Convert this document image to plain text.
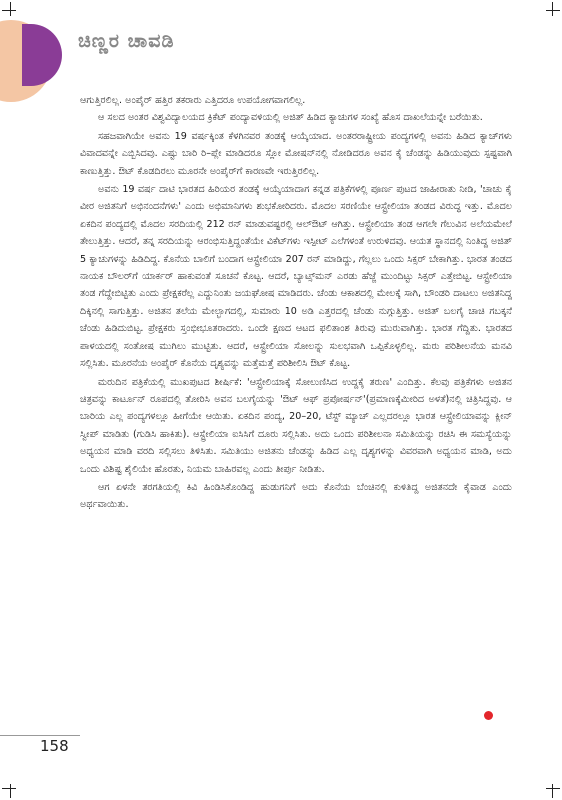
ಚಿಣ್ಣರ ಚಾವಡಿ

ಆಗುತ್ತಿರಲಿಲ್ಲ. ಅಂಪೈರ್ ಹತ್ತಿರ ತಕರಾರು ಎತ್ತಿದರೂ ಉಪಯೋಗವಾಗಲಿಲ್ಲ.

ಆ ಸಲದ ಅಂತರ ವಿಶ್ವವಿದ್ಯಾಲಯದ ಕ್ರಿಕೆಟ್ ಪಂದ್ಯಾವಳಿಯಲ್ಲಿ ಅಜಿತ್ ಹಿಡಿದ ಕ್ಯಾಚುಗಳ ಸಂಖ್ಯೆ ಹೊಸ ದಾಖಲೆಯನ್ನೇ ಬರೆಯಿತು.

ಸಹಜವಾಗಿಯೇ ಅವನು 19 ವರ್ಷಕ್ಕಿಂತ ಕೆಳಗಿನವರ ತಂಡಕ್ಕೆ ಆಯ್ಕೆಯಾದ. ಅಂತರರಾಷ್ಟ್ರೀಯ ಪಂದ್ಯಗಳಲ್ಲಿ ಅವನು ಹಿಡಿದ ಕ್ಯಾಚ್‌ಗಳು ವಿವಾದವನ್ನೇ ಎಬ್ಬಿಸಿದವು. ಎಷ್ಟು ಬಾರಿ ರಿ–ಪ್ಲೇ ಮಾಡಿದರೂ ಸ್ಲೋ ಮೋಷನ್‌ನಲ್ಲಿ ನೋಡಿದರೂ ಅವನ ಕೈ ಚೆಂಡನ್ನು ಹಿಡಿಯುವುದು ಸ್ಪಷ್ಟವಾಗಿ ಕಾಣುತ್ತಿತ್ತು. ಔಟ್ ಕೊಡದಿರಲು ಮೂರನೇ ಅಂಪೈರ್‌ಗೆ ಕಾರಣವೇ ಇರುತ್ತಿರಲಿಲ್ಲ.

ಅವನು 19 ವರ್ಷ ದಾಟಿ ಭಾರತದ ಹಿರಿಯರ ತಂಡಕ್ಕೆ ಆಯ್ಕೆಯಾದಾಗ ಕನ್ನಡ ಪತ್ರಿಕೆಗಳಲ್ಲಿ ಪೂರ್ಣ ಪುಟದ ಜಾಹೀರಾತು ನೀಡಿ, 'ಚಾಚು ಕೈ ವೀರ ಅಜಿತನಿಗೆ ಅಭಿನಂದನೆಗಳು' ಎಂದು ಅಭಿಮಾನಿಗಳು ಶುಭಕೋರಿದರು. ಮೊದಲ ಸರಣಿಯೇ ಆಸ್ಟ್ರೇಲಿಯಾ ತಂಡದ ವಿರುದ್ಧ ಇತ್ತು. ಮೊದಲ ಏಕದಿನ ಪಂದ್ಯದಲ್ಲಿ ಮೊದಲ ಸರದಿಯಲ್ಲಿ 212 ರನ್ ಮಾಡುವಷ್ಟರಲ್ಲಿ ಆಲ್‌ಔಟ್ ಆಗಿತ್ತು. ಆಸ್ಟ್ರೇಲಿಯಾ ತಂಡ ಆಗಲೇ ಗೆಲುವಿನ ಅಲೆಯಮೇಲೆ ತೇಲುತ್ತಿತ್ತು. ಆದರೆ, ತನ್ನ ಸರದಿಯನ್ನು ಆರಂಭಿಸುತ್ತಿದ್ದಂತೆಯೇ ವಿಕೆಟ್‌ಗಳು ಇಸ್ಪೀಟ್ ಎಲೆಗಳಂತೆ ಉರುಳಿದವು. ಆಯತ ಸ್ಥಾನದಲ್ಲಿ ನಿಂತಿದ್ದ ಅಜಿತ್ 5 ಕ್ಯಾಚುಗಳನ್ನು ಹಿಡಿದಿದ್ದ. ಕೊನೆಯ ಬಾಲಿಗೆ ಬಂದಾಗ ಆಸ್ಟ್ರೇಲಿಯಾ 207 ರನ್ ಮಾಡಿದ್ದು, ಗೆಲ್ಲಲು ಒಂದು ಸಿಕ್ಸರ್ ಬೇಕಾಗಿತ್ತು. ಭಾರತ ತಂಡದ ನಾಯಕ ಬೌಲರ್‌ಗೆ ಯಾರ್ಕರ್ ಹಾಕುವಂತೆ ಸೂಚನೆ ಕೊಟ್ಟ. ಆದರೆ, ಬ್ಯಾಟ್ಸ್‌ಮನ್ ಎರಡು ಹೆಜ್ಜೆ ಮುಂದಿಟ್ಟು ಸಿಕ್ಸರ್ ಎತ್ತೇಬಿಟ್ಟ. ಆಸ್ಟ್ರೇಲಿಯಾ ತಂಡ ಗೆದ್ದೇಬಿಟ್ಟಿತು ಎಂದು ಪ್ರೇಕ್ಷಕರೆಲ್ಲ ಎದ್ದುನಿಂತು ಜಯಘೋಷ ಮಾಡಿದರು. ಚೆಂಡು ಆಕಾಶದಲ್ಲಿ ಮೇಲಕ್ಕೆ ಸಾಗಿ, ಬೌಂಡರಿ ದಾಟಲು ಅಜಿತನಿದ್ದ ದಿಕ್ಕಿನಲ್ಲಿ ಸಾಗುತ್ತಿತ್ತು. ಅಜಿತನ ತಲೆಯ ಮೇಲ್ಭಾಗದಲ್ಲಿ, ಸುಮಾರು 10 ಅಡಿ ಎತ್ತರದಲ್ಲಿ ಚೆಂಡು ನುಗ್ಗುತ್ತಿತ್ತು. ಅಜಿತ್ ಬಲಗೈ ಚಾಚಿ ಗಬಕ್ಕನೆ ಚೆಂಡು ಹಿಡಿದುಬಿಟ್ಟ. ಪ್ರೇಕ್ಷಕರು ಸ್ತಂಭೀಭೂತರಾದರು. ಒಂದೇ ಕ್ಷಣದ ಆಟದ ಫಲಿತಾಂಶ ತಿರುವು ಮುರುವಾಗಿತ್ತು. ಭಾರತ ಗೆದ್ದಿತು. ಭಾರತದ ಪಾಳಯದಲ್ಲಿ ಸಂತೋಷ ಮುಗಿಲು ಮುಟ್ಟಿತು. ಆದರೆ, ಆಸ್ಟ್ರೇಲಿಯಾ ಸೋಲನ್ನು ಸುಲಭವಾಗಿ ಒಪ್ಪಿಕೊಳ್ಳಲಿಲ್ಲ. ಮರು ಪರಿಶೀಲನೆಯ ಮನವಿ ಸಲ್ಲಿಸಿತು. ಮೂರನೆಯ ಅಂಪೈರ್ ಕೊನೆಯ ದೃಶ್ಯವನ್ನು ಮತ್ತೆಮತ್ತೆ ಪರಿಶೀಲಿಸಿ ಔಟ್ ಕೊಟ್ಟ.

ಮರುದಿನ ಪತ್ರಿಕೆಯಲ್ಲಿ ಮುಖಪುಟದ ಶೀರ್ಷಿಕೆ: 'ಆಸ್ಟ್ರೇಲಿಯಾಕ್ಕೆ ಸೋಲುಣಿಸಿದ ಉದ್ದಕೈ ತರುಣ' ಎಂದಿತ್ತು. ಕೆಲವು ಪತ್ರಿಕೆಗಳು ಅಜಿತನ ಚಿತ್ರವನ್ನು ಕಾರ್ಟೂನ್ ರೂಪದಲ್ಲಿ ತೋರಿಸಿ ಅವನ ಬಲಗೈಯನ್ನು 'ಔಟ್ ಆಫ್ ಪ್ರಪೋರ್ಷನ್'(ಪ್ರಮಾಣಕ್ಕೆಮೀರಿದ ಅಳತೆ)ನಲ್ಲಿ ಚಿತ್ರಿಸಿದ್ದವು. ಆ ಬಾರಿಯ ಎಲ್ಲ ಪಂದ್ಯಗಳಲ್ಲೂ ಹೀಗೆಯೇ ಆಯಿತು. ಏಕದಿನ ಪಂದ್ಯ, 20–20, ಟೆಸ್ಟ್ ಮ್ಯಾಚ್ ಎಲ್ಲದರಲ್ಲೂ ಭಾರತ ಆಸ್ಟ್ರೇಲಿಯಾವನ್ನು ಕ್ಲೀನ್ ಸ್ವೀಪ್ ಮಾಡಿತು (ಗುಡಿಸಿ ಹಾಕಿತು). ಆಸ್ಟ್ರೇಲಿಯಾ ಐಸಿಸಿಗೆ ದೂರು ಸಲ್ಲಿಸಿತು. ಅದು ಒಂದು ಪರಿಶೀಲನಾ ಸಮಿತಿಯನ್ನು ರಚಿಸಿ ಈ ಸಮಸ್ಯೆಯನ್ನು ಅಧ್ಯಯನ ಮಾಡಿ ವರದಿ ಸಲ್ಲಿಸಲು ತಿಳಿಸಿತು. ಸಮಿತಿಯು ಅಜಿತನು ಚೆಂಡನ್ನು ಹಿಡಿದ ಎಲ್ಲ ದೃಶ್ಯಗಳನ್ನು ವಿವರವಾಗಿ ಅಧ್ಯಯನ ಮಾಡಿ, ಅದು ಒಂದು ವಿಶಿಷ್ಟ ಶೈಲಿಯೇ ಹೊರತು, ನಿಯಮ ಬಾಹಿರವಲ್ಲ ಎಂದು ತೀರ್ಪು ನೀಡಿತು.

ಆಗ ಏಳನೇ ತರಗತಿಯಲ್ಲಿ ಕಿವಿ ಹಿಂಡಿಸಿಕೊಂಡಿದ್ದ ಹುಡುಗನಿಗೆ ಅದು ಕೊನೆಯ ಬೆಂಚಿನಲ್ಲಿ ಕುಳಿತಿದ್ದ ಅಜಿತನದೇ ಕೈವಾಡ ಎಂದು ಅರ್ಥವಾಯಿತು.

158
